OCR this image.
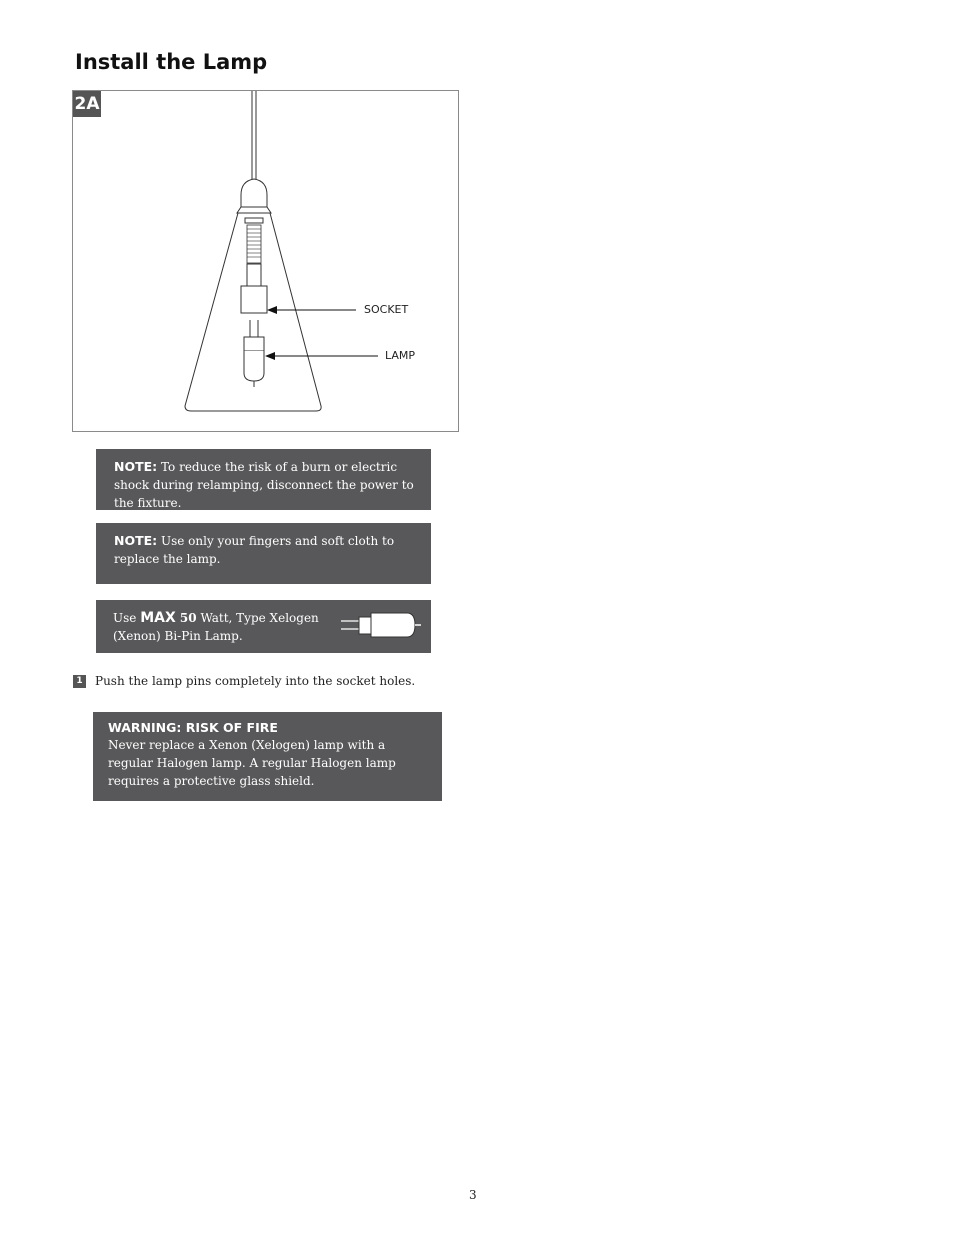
Install the Lamp
2A
SOCKET
LAMP
NOTE: To reduce the risk of a burn or electric shock during relamping, disconnect the power to the fixture.
NOTE: Use only your fingers and soft cloth to replace the lamp.
Use MAX 50 Watt, Type Xelogen (Xenon) Bi-Pin Lamp.
1 Push the lamp pins completely into the socket holes.
WARNING: RISK OF FIRE
Never replace a Xenon (Xelogen) lamp with a regular Halogen lamp. A regular Halogen lamp requires a protective glass shield.
3
